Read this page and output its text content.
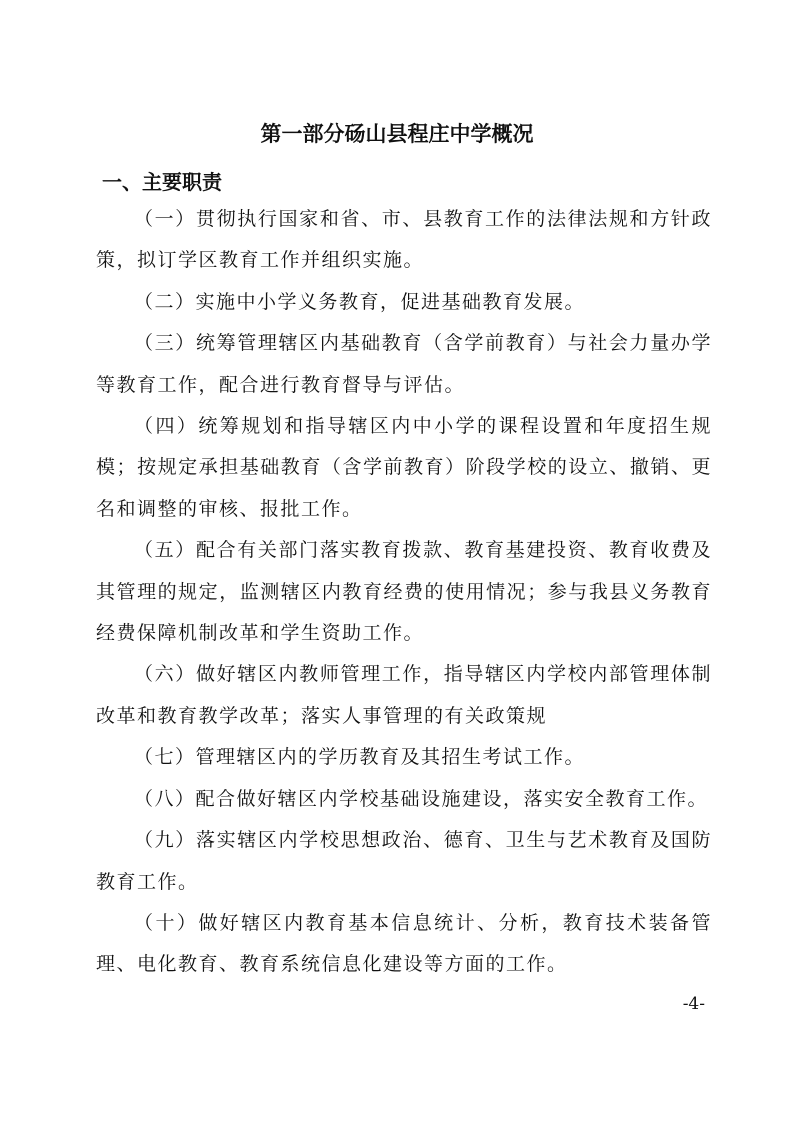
第一部分砀山县程庄中学概况
一、主要职责

（一）贯彻执行国家和省、市、县教育工作的法律法规和方针政策，拟订学区教育工作并组织实施。

（二）实施中小学义务教育，促进基础教育发展。

（三）统筹管理辖区内基础教育（含学前教育）与社会力量办学等教育工作，配合进行教育督导与评估。

（四）统筹规划和指导辖区内中小学的课程设置和年度招生规模；按规定承担基础教育（含学前教育）阶段学校的设立、撤销、更名和调整的审核、报批工作。

（五）配合有关部门落实教育拨款、教育基建投资、教育收费及其管理的规定，监测辖区内教育经费的使用情况；参与我县义务教育经费保障机制改革和学生资助工作。

（六）做好辖区内教师管理工作，指导辖区内学校内部管理体制改革和教育教学改革；落实人事管理的有关政策规

（七）管理辖区内的学历教育及其招生考试工作。

（八）配合做好辖区内学校基础设施建设，落实安全教育工作。

（九）落实辖区内学校思想政治、德育、卫生与艺术教育及国防教育工作。

（十）做好辖区内教育基本信息统计、分析，教育技术装备管理、电化教育、教育系统信息化建设等方面的工作。

-4-
